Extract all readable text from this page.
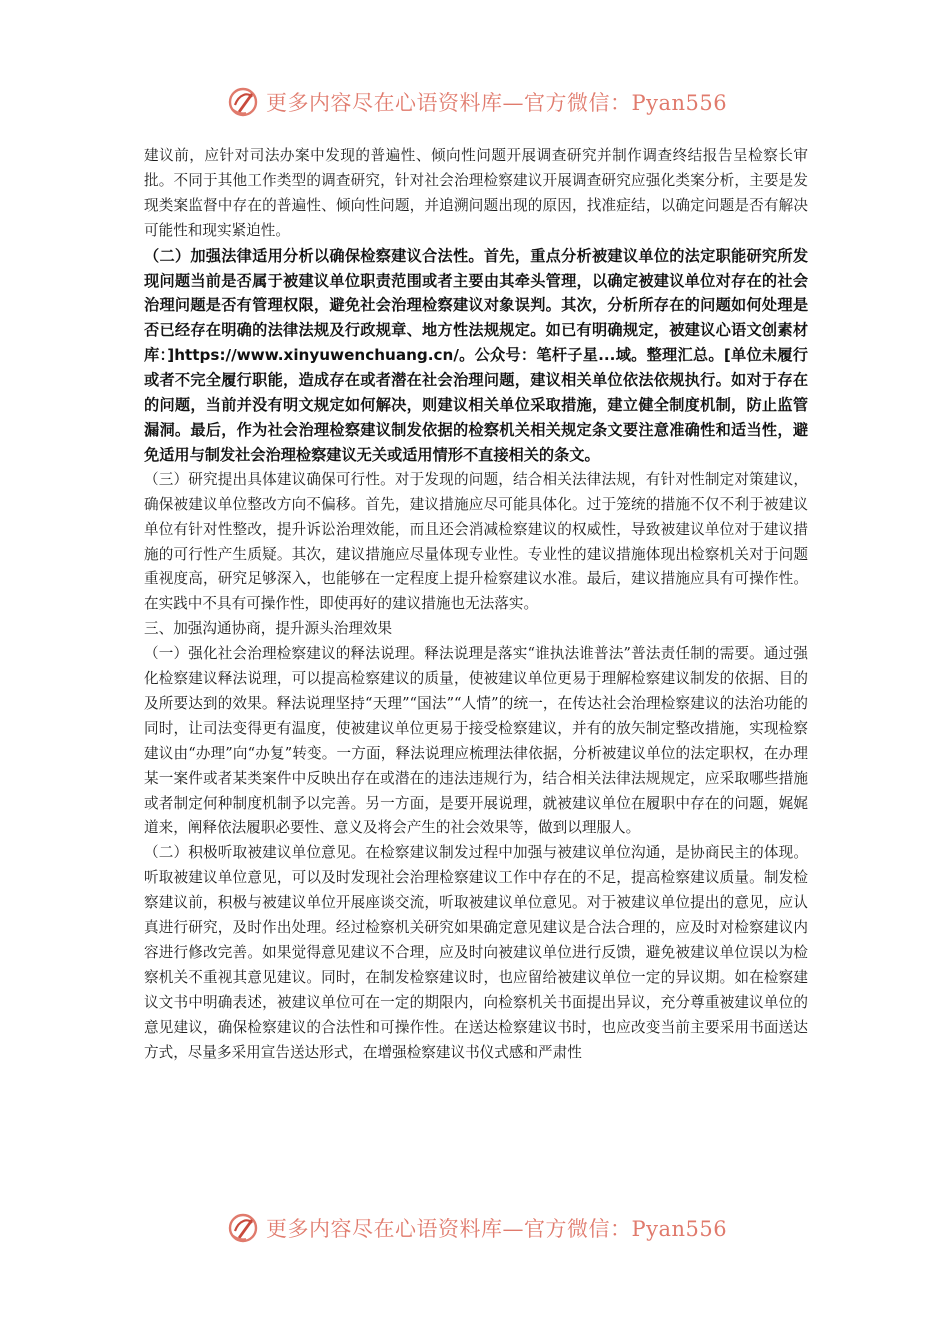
更多内容尽在心语资料库—官方微信：Pyan556

建议前，应针对司法办案中发现的普遍性、倾向性问题开展调查研究并制作调查终结报告呈检察长审批。不同于其他工作类型的调查研究，针对社会治理检察建议开展调查研究应强化类案分析，主要是发现类案监督中存在的普遍性、倾向性问题，并追溯问题出现的原因，找准症结，以确定问题是否有解决可能性和现实紧迫性。

（二）加强法律适用分析以确保检察建议合法性。首先，重点分析被建议单位的法定职能研究所发现问题当前是否属于被建议单位职责范围或者主要由其牵头管理，以确定被建议单位对存在的社会治理问题是否有管理权限，避免社会治理检察建议对象误判。其次，分析所存在的问题如何处理是否已经存在明确的法律法规及行政规章、地方性法规规定。如已有明确规定，被建议心语文创素材库：]https://www.xinyuwenchuang.cn/。公众号：笔杆子星...域。整理汇总。[单位未履行或者不完全履行职能，造成存在或者潜在社会治理问题，建议相关单位依法依规执行。如对于存在的问题，当前并没有明文规定如何解决，则建议相关单位采取措施，建立健全制度机制，防止监管漏洞。最后，作为社会治理检察建议制发依据的检察机关相关规定条文要注意准确性和适当性，避免适用与制发社会治理检察建议无关或适用情形不直接相关的条文。

（三）研究提出具体建议确保可行性。对于发现的问题，结合相关法律法规，有针对性制定对策建议，确保被建议单位整改方向不偏移。首先，建议措施应尽可能具体化。过于笼统的措施不仅不利于被建议单位有针对性整改，提升诉讼治理效能，而且还会消减检察建议的权威性，导致被建议单位对于建议措施的可行性产生质疑。其次，建议措施应尽量体现专业性。专业性的建议措施体现出检察机关对于问题重视度高，研究足够深入，也能够在一定程度上提升检察建议水准。最后，建议措施应具有可操作性。在实践中不具有可操作性，即使再好的建议措施也无法落实。

三、加强沟通协商，提升源头治理效果

（一）强化社会治理检察建议的释法说理。释法说理是落实“谁执法谁普法”普法责任制的需要。通过强化检察建议释法说理，可以提高检察建议的质量，使被建议单位更易于理解检察建议制发的依据、目的及所要达到的效果。释法说理坚持“天理”“国法”“人情”的统一，在传达社会治理检察建议的法治功能的同时，让司法变得更有温度，使被建议单位更易于接受检察建议，并有的放矢制定整改措施，实现检察建议由“办理”向“办复”转变。一方面，释法说理应梳理法律依据，分析被建议单位的法定职权，在办理某一案件或者某类案件中反映出存在或潜在的违法违规行为，结合相关法律法规规定，应采取哪些措施或者制定何种制度机制予以完善。另一方面，是要开展说理，就被建议单位在履职中存在的问题，娓娓道来，阐释依法履职必要性、意义及将会产生的社会效果等，做到以理服人。

（二）积极听取被建议单位意见。在检察建议制发过程中加强与被建议单位沟通，是协商民主的体现。听取被建议单位意见，可以及时发现社会治理检察建议工作中存在的不足，提高检察建议质量。制发检察建议前，积极与被建议单位开展座谈交流，听取被建议单位意见。对于被建议单位提出的意见，应认真进行研究，及时作出处理。经过检察机关研究如果确定意见建议是合法合理的，应及时对检察建议内容进行修改完善。如果觉得意见建议不合理，应及时向被建议单位进行反馈，避免被建议单位误以为检察机关不重视其意见建议。同时，在制发检察建议时，也应留给被建议单位一定的异议期。如在检察建议文书中明确表述，被建议单位可在一定的期限内，向检察机关书面提出异议，充分尊重被建议单位的意见建议，确保检察建议的合法性和可操作性。在送达检察建议书时，也应改变当前主要采用书面送达方式，尽量多采用宣告送达形式，在增强检察建议书仪式感和严肃性

更多内容尽在心语资料库—官方微信：Pyan556
